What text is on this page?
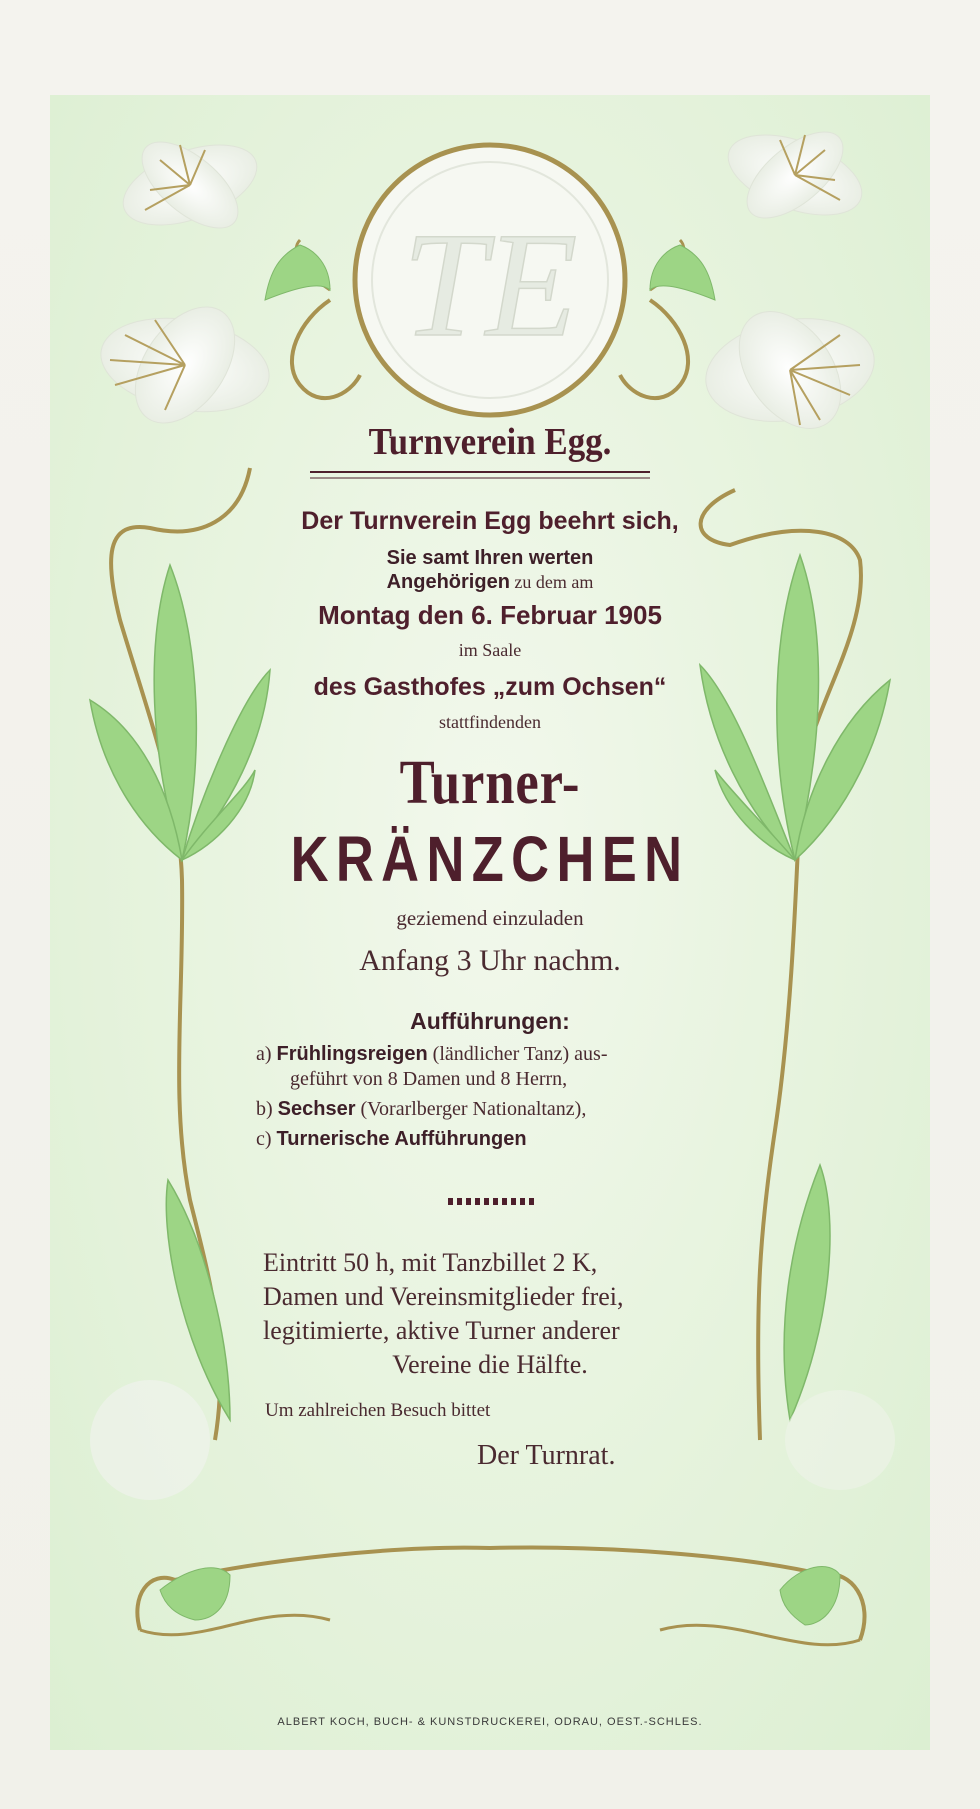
TE
Turnverein Egg.
Der Turnverein Egg beehrt sich,
Sie samt Ihren werten
Angehörigen zu dem am
Montag den 6. Februar 1905
im Saale
des Gasthofes „zum Ochsen“
stattfindenden
Turner-
KRÄNZCHEN
geziemend einzuladen
Anfang 3 Uhr nachm.
Aufführungen:
a) Frühlingsreigen (ländlicher Tanz) aus-
geführt von 8 Damen und 8 Herrn,
b) Sechser (Vorarlberger Nationaltanz),
c) Turnerische Aufführungen
Eintritt 50 h, mit Tanzbillet 2 K,
Damen und Vereinsmitglieder frei,
legitimierte, aktive Turner anderer
Vereine die Hälfte.
Um zahlreichen Besuch bittet
Der Turnrat.
ALBERT KOCH, BUCH- & KUNSTDRUCKEREI, ODRAU, OEST.-SCHLES.
